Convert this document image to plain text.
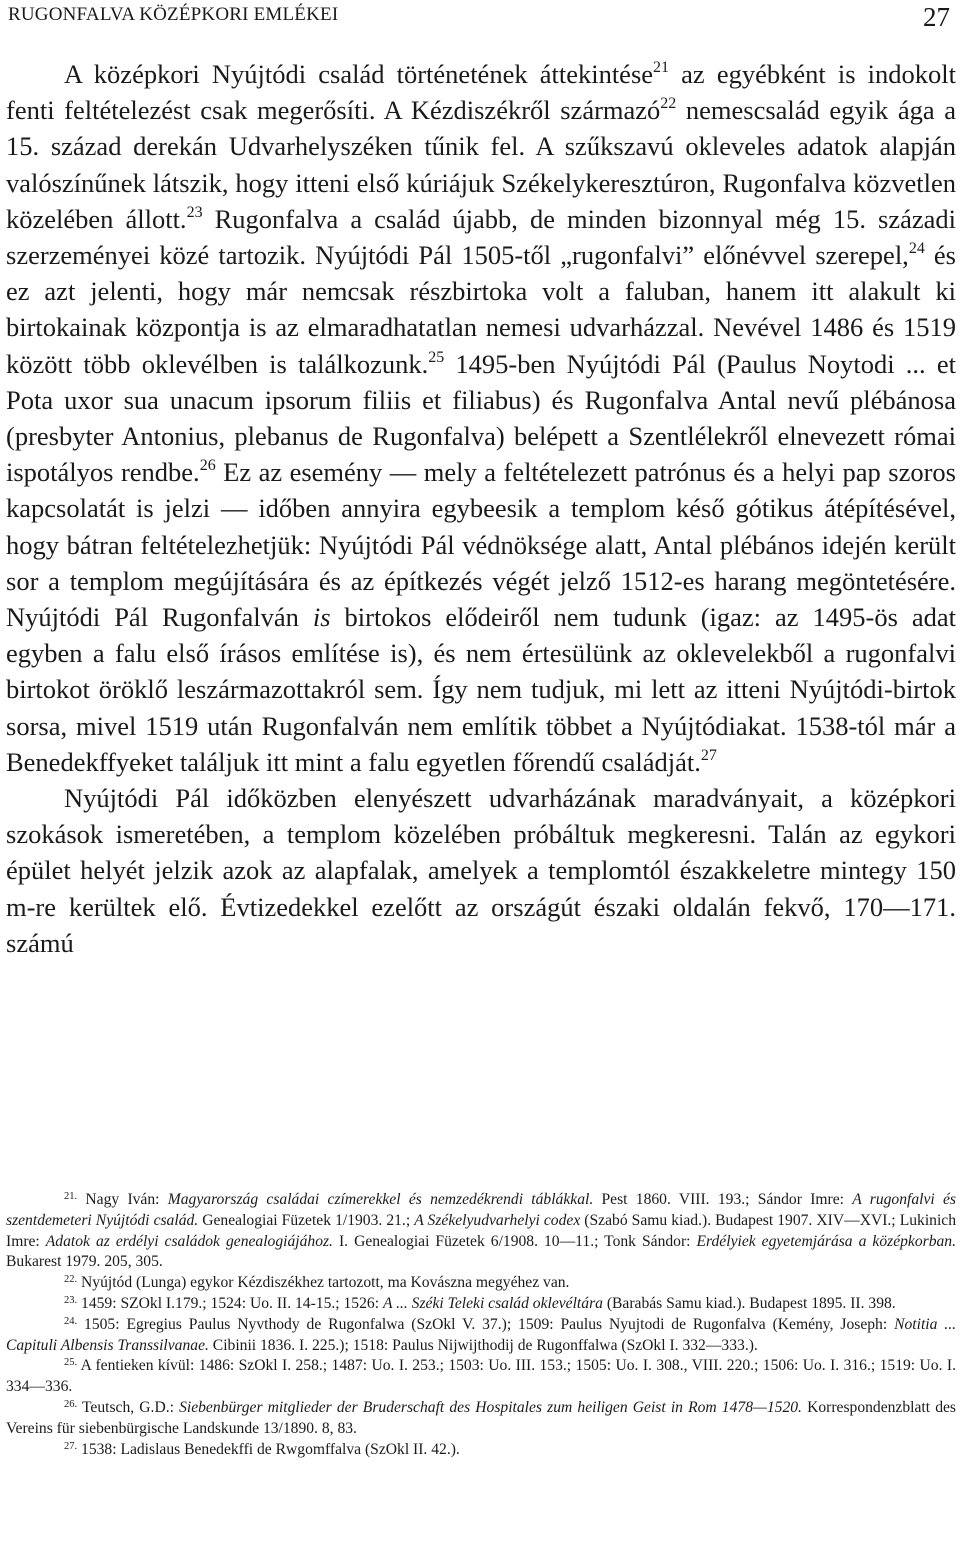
RUGONFALVA KÖZÉPKORI EMLÉKEI	27

A középkori Nyújtódi család történetének áttekintése$^{21}$ az egyébként is indokolt fenti feltételezést csak megerősíti. A Kézdiszékről származó$^{22}$ nemescsalád egyik ága a 15. század derekán Udvarhelyszéken tűnik fel. A szűkszavú okleveles adatok alapján valószínűnek látszik, hogy itteni első kúriájuk Székelykeresztúron, Rugonfalva közvetlen közelében állott.$^{23}$ Rugonfalva a család újabb, de minden bizonnyal még 15. századi szerzeményei közé tartozik. Nyújtódi Pál 1505-től „rugonfalvi” előnévvel szerepel,$^{24}$ és ez azt jelenti, hogy már nemcsak részbirtoka volt a faluban, hanem itt alakult ki birtokainak központja is az elmaradhatatlan nemesi udvarházzal. Nevével 1486 és 1519 között több oklevélben is találkozunk.$^{25}$ 1495-ben Nyújtódi Pál (Paulus Noytodi ... et Pota uxor sua unacum ipsorum filiis et filiabus) és Rugonfalva Antal nevű plébánosa (presbyter Antonius, plebanus de Rugonfalva) belépett a Szentlélekről elnevezett római ispotályos rendbe.$^{26}$ Ez az esemény — mely a feltételezett patrónus és a helyi pap szoros kapcsolatát is jelzi — időben annyira egybeesik a templom késő gótikus átépítésével, hogy bátran feltételezhetjük: Nyújtódi Pál védnöksége alatt, Antal plébános idején került sor a templom megújítására és az építkezés végét jelző 1512-es harang megöntetésére. Nyújtódi Pál Rugonfalván is birtokos elődeiről nem tudunk (igaz: az 1495-ös adat egyben a falu első írásos említése is), és nem értesülünk az oklevelekből a rugonfalvi birtokot öröklő leszármazottakról sem. Így nem tudjuk, mi lett az itteni Nyújtódi-birtok sorsa, mivel 1519 után Rugonfalván nem említik többet a Nyújtódiakat. 1538-tól már a Benedekffyeket találjuk itt mint a falu egyetlen főrendű családját.$^{27}$

Nyújtódi Pál időközben elenyészett udvarházának maradványait, a középkori szokások ismeretében, a templom közelében próbáltuk megkeresni. Talán az egykori épület helyét jelzik azok az alapfalak, amelyek a templomtól északkeletre mintegy 150 m-re kerültek elő. Évtizedekkel ezelőtt az országút északi oldalán fekvő, 170—171. számú

$^{21.}$ Nagy Iván: Magyarország családai czímerekkel és nemzedékrendi táblákkal. Pest 1860. VIII. 193.; Sándor Imre: A rugonfalvi és szentdemeteri Nyújtódi család. Genealogiai Füzetek 1/1903. 21.; A Székelyudvarhelyi codex (Szabó Samu kiad.). Budapest 1907. XIV—XVI.; Lukinich Imre: Adatok az erdélyi családok genealogiájához. I. Genealogiai Füzetek 6/1908. 10—11.; Tonk Sándor: Erdélyiek egyetemjárása a középkorban. Bukarest 1979. 205, 305.

$^{22.}$ Nyújtód (Lunga) egykor Kézdiszékhez tartozott, ma Kovászna megyéhez van.

$^{23.}$ 1459: SZOkl I.179.; 1524: Uo. II. 14-15.; 1526: A ... Széki Teleki család oklevéltára (Barabás Samu kiad.). Budapest 1895. II. 398.

$^{24.}$ 1505: Egregius Paulus Nyvthody de Rugonfalwa (SzOkl V. 37.); 1509: Paulus Nyujtodi de Rugonfalva (Kemény, Joseph: Notitia ... Capituli Albensis Transsilvanae. Cibinii 1836. I. 225.); 1518: Paulus Nijwijthodij de Rugonffalwa (SzOkl I. 332—333.).

$^{25.}$ A fentieken kívül: 1486: SzOkl I. 258.; 1487: Uo. I. 253.; 1503: Uo. III. 153.; 1505: Uo. I. 308., VIII. 220.; 1506: Uo. I. 316.; 1519: Uo. I. 334—336.

$^{26.}$ Teutsch, G.D.: Siebenbürger mitglieder der Bruderschaft des Hospitales zum heiligen Geist in Rom 1478—1520. Korrespondenzblatt des Vereins für siebenbürgische Landskunde 13/1890. 8, 83.

$^{27.}$ 1538: Ladislaus Benedekffi de Rwgomffalva (SzOkl II. 42.).
